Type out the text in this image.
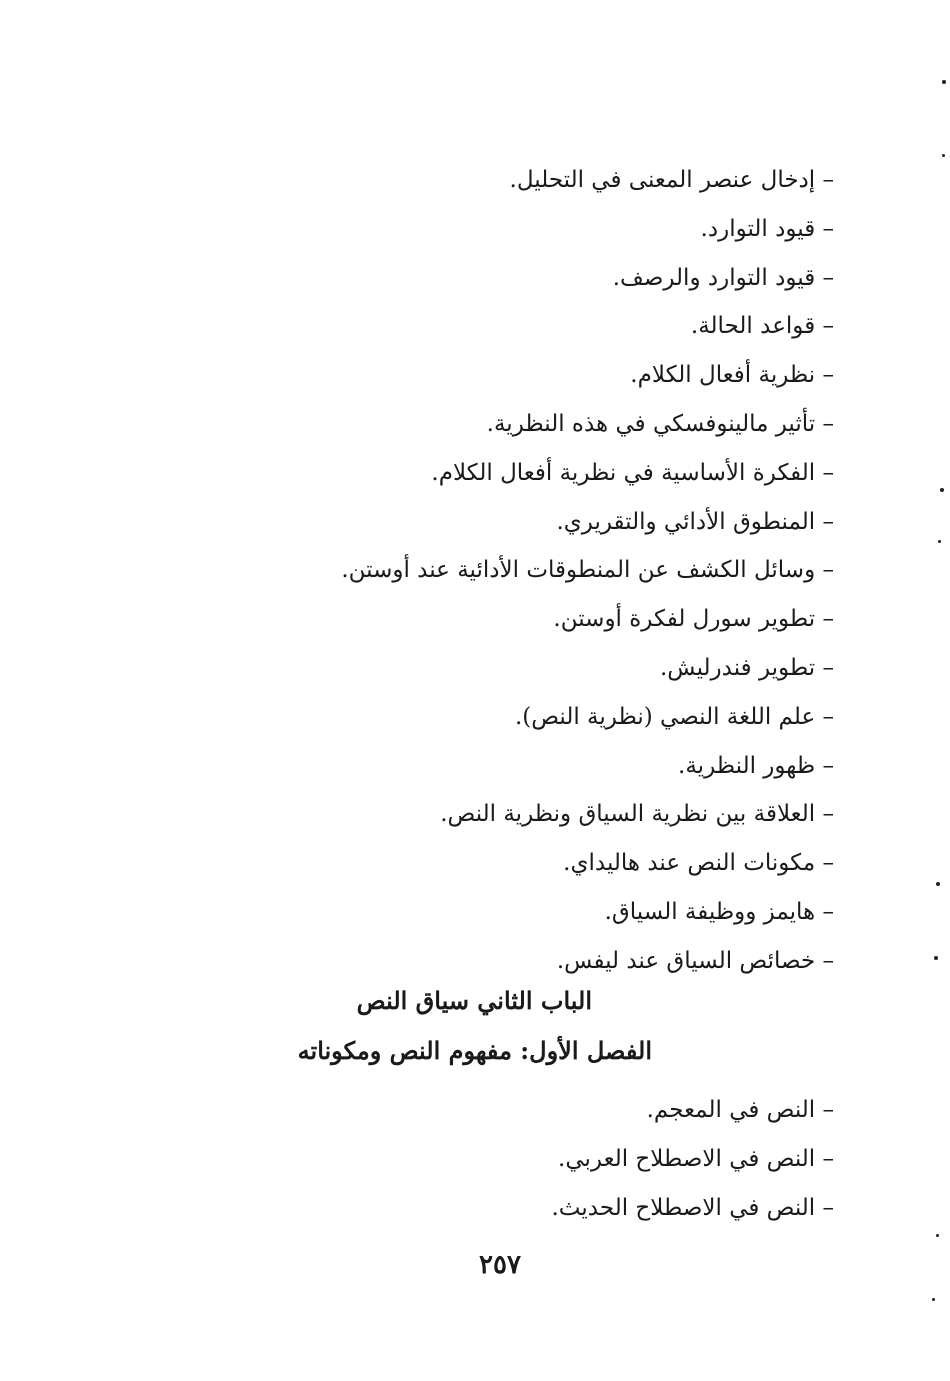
– إدخال عنصر المعنى في التحليل.
– قيود التوارد.
– قيود التوارد والرصف.
– قواعد الحالة.
– نظرية أفعال الكلام.
– تأثير مالينوفسكي في هذه النظرية.
– الفكرة الأساسية في نظرية أفعال الكلام.
– المنطوق الأدائي والتقريري.
– وسائل الكشف عن المنطوقات الأدائية عند أوستن.
– تطوير سورل لفكرة أوستن.
– تطوير فندرليش.
– علم اللغة النصي (نظرية النص).
– ظهور النظرية.
– العلاقة بين نظرية السياق ونظرية النص.
– مكونات النص عند هاليداي.
– هايمز ووظيفة السياق.
– خصائص السياق عند ليفس.
الباب الثاني سياق النص
الفصل الأول: مفهوم النص ومكوناته
– النص في المعجم.
– النص في الاصطلاح العربي.
– النص في الاصطلاح الحديث.
٢٥٧
